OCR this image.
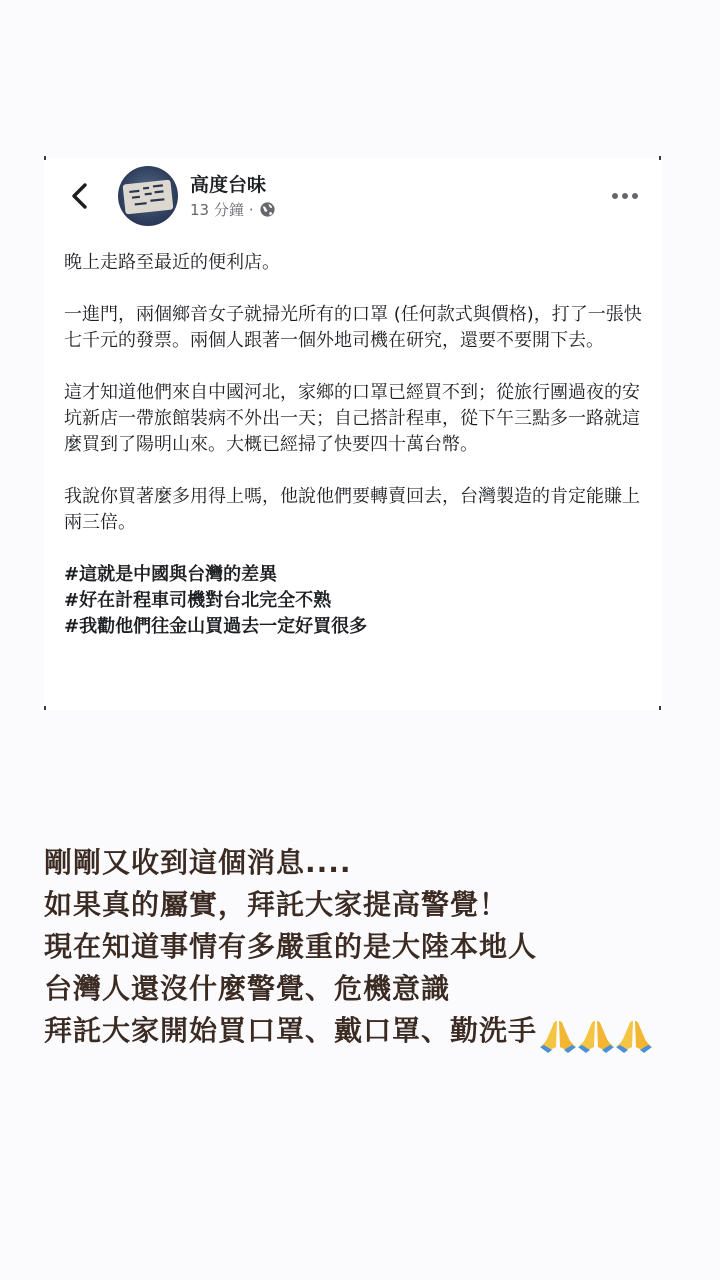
高度台味
13 分鐘 ·

晚上走路至最近的便利店。

一進門，兩個鄉音女子就掃光所有的口罩 (任何款式與價格)，打了一張快七千元的發票。兩個人跟著一個外地司機在研究，還要不要開下去。

這才知道他們來自中國河北，家鄉的口罩已經買不到；從旅行團過夜的安坑新店一帶旅館裝病不外出一天；自己搭計程車，從下午三點多一路就這麼買到了陽明山來。大概已經掃了快要四十萬台幣。

我說你買著麼多用得上嗎，他說他們要轉賣回去，台灣製造的肯定能賺上兩三倍。

#這就是中國與台灣的差異
#好在計程車司機對台北完全不熟
#我勸他們往金山買過去一定好買很多
剛剛又收到這個消息....
如果真的屬實，拜託大家提高警覺！
現在知道事情有多嚴重的是大陸本地人
台灣人還沒什麼警覺、危機意識
拜託大家開始買口罩、戴口罩、勤洗手
